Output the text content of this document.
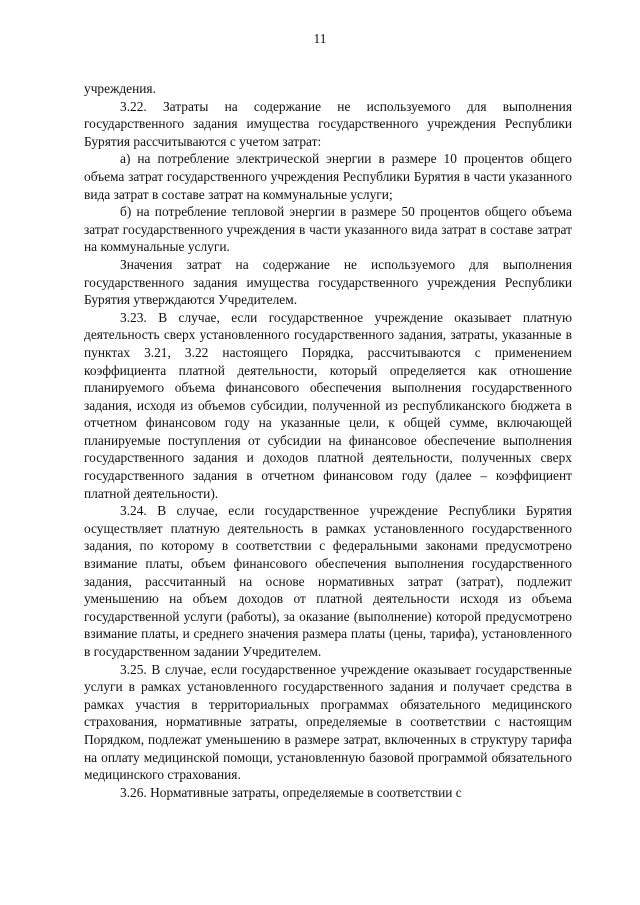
11

учреждения.

3.22. Затраты на содержание не используемого для выполнения государственного задания имущества государственного учреждения Республики Бурятия рассчитываются с учетом затрат:

а) на потребление электрической энергии в размере 10 процентов общего объема затрат государственного учреждения Республики Бурятия в части указанного вида затрат в составе затрат на коммунальные услуги;

б) на потребление тепловой энергии в размере 50 процентов общего объема затрат государственного учреждения в части указанного вида затрат в составе затрат на коммунальные услуги.

Значения затрат на содержание не используемого для выполнения государственного задания имущества государственного учреждения Республики Бурятия утверждаются Учредителем.

3.23. В случае, если государственное учреждение оказывает платную деятельность сверх установленного государственного задания, затраты, указанные в пунктах 3.21, 3.22 настоящего Порядка, рассчитываются с применением коэффициента платной деятельности, который определяется как отношение планируемого объема финансового обеспечения выполнения государственного задания, исходя из объемов субсидии, полученной из республиканского бюджета в отчетном финансовом году на указанные цели, к общей сумме, включающей планируемые поступления от субсидии на финансовое обеспечение выполнения государственного задания и доходов платной деятельности, полученных сверх государственного задания в отчетном финансовом году (далее – коэффициент платной деятельности).

3.24. В случае, если государственное учреждение Республики Бурятия осуществляет платную деятельность в рамках установленного государственного задания, по которому в соответствии с федеральными законами предусмотрено взимание платы, объем финансового обеспечения выполнения государственного задания, рассчитанный на основе нормативных затрат (затрат), подлежит уменьшению на объем доходов от платной деятельности исходя из объема государственной услуги (работы), за оказание (выполнение) которой предусмотрено взимание платы, и среднего значения размера платы (цены, тарифа), установленного в государственном задании Учредителем.

3.25. В случае, если государственное учреждение оказывает государственные услуги в рамках установленного государственного задания и получает средства в рамках участия в территориальных программах обязательного медицинского страхования, нормативные затраты, определяемые в соответствии с настоящим Порядком, подлежат уменьшению в размере затрат, включенных в структуру тарифа на оплату медицинской помощи, установленную базовой программой обязательного медицинского страхования.

3.26. Нормативные затраты, определяемые в соответствии с
